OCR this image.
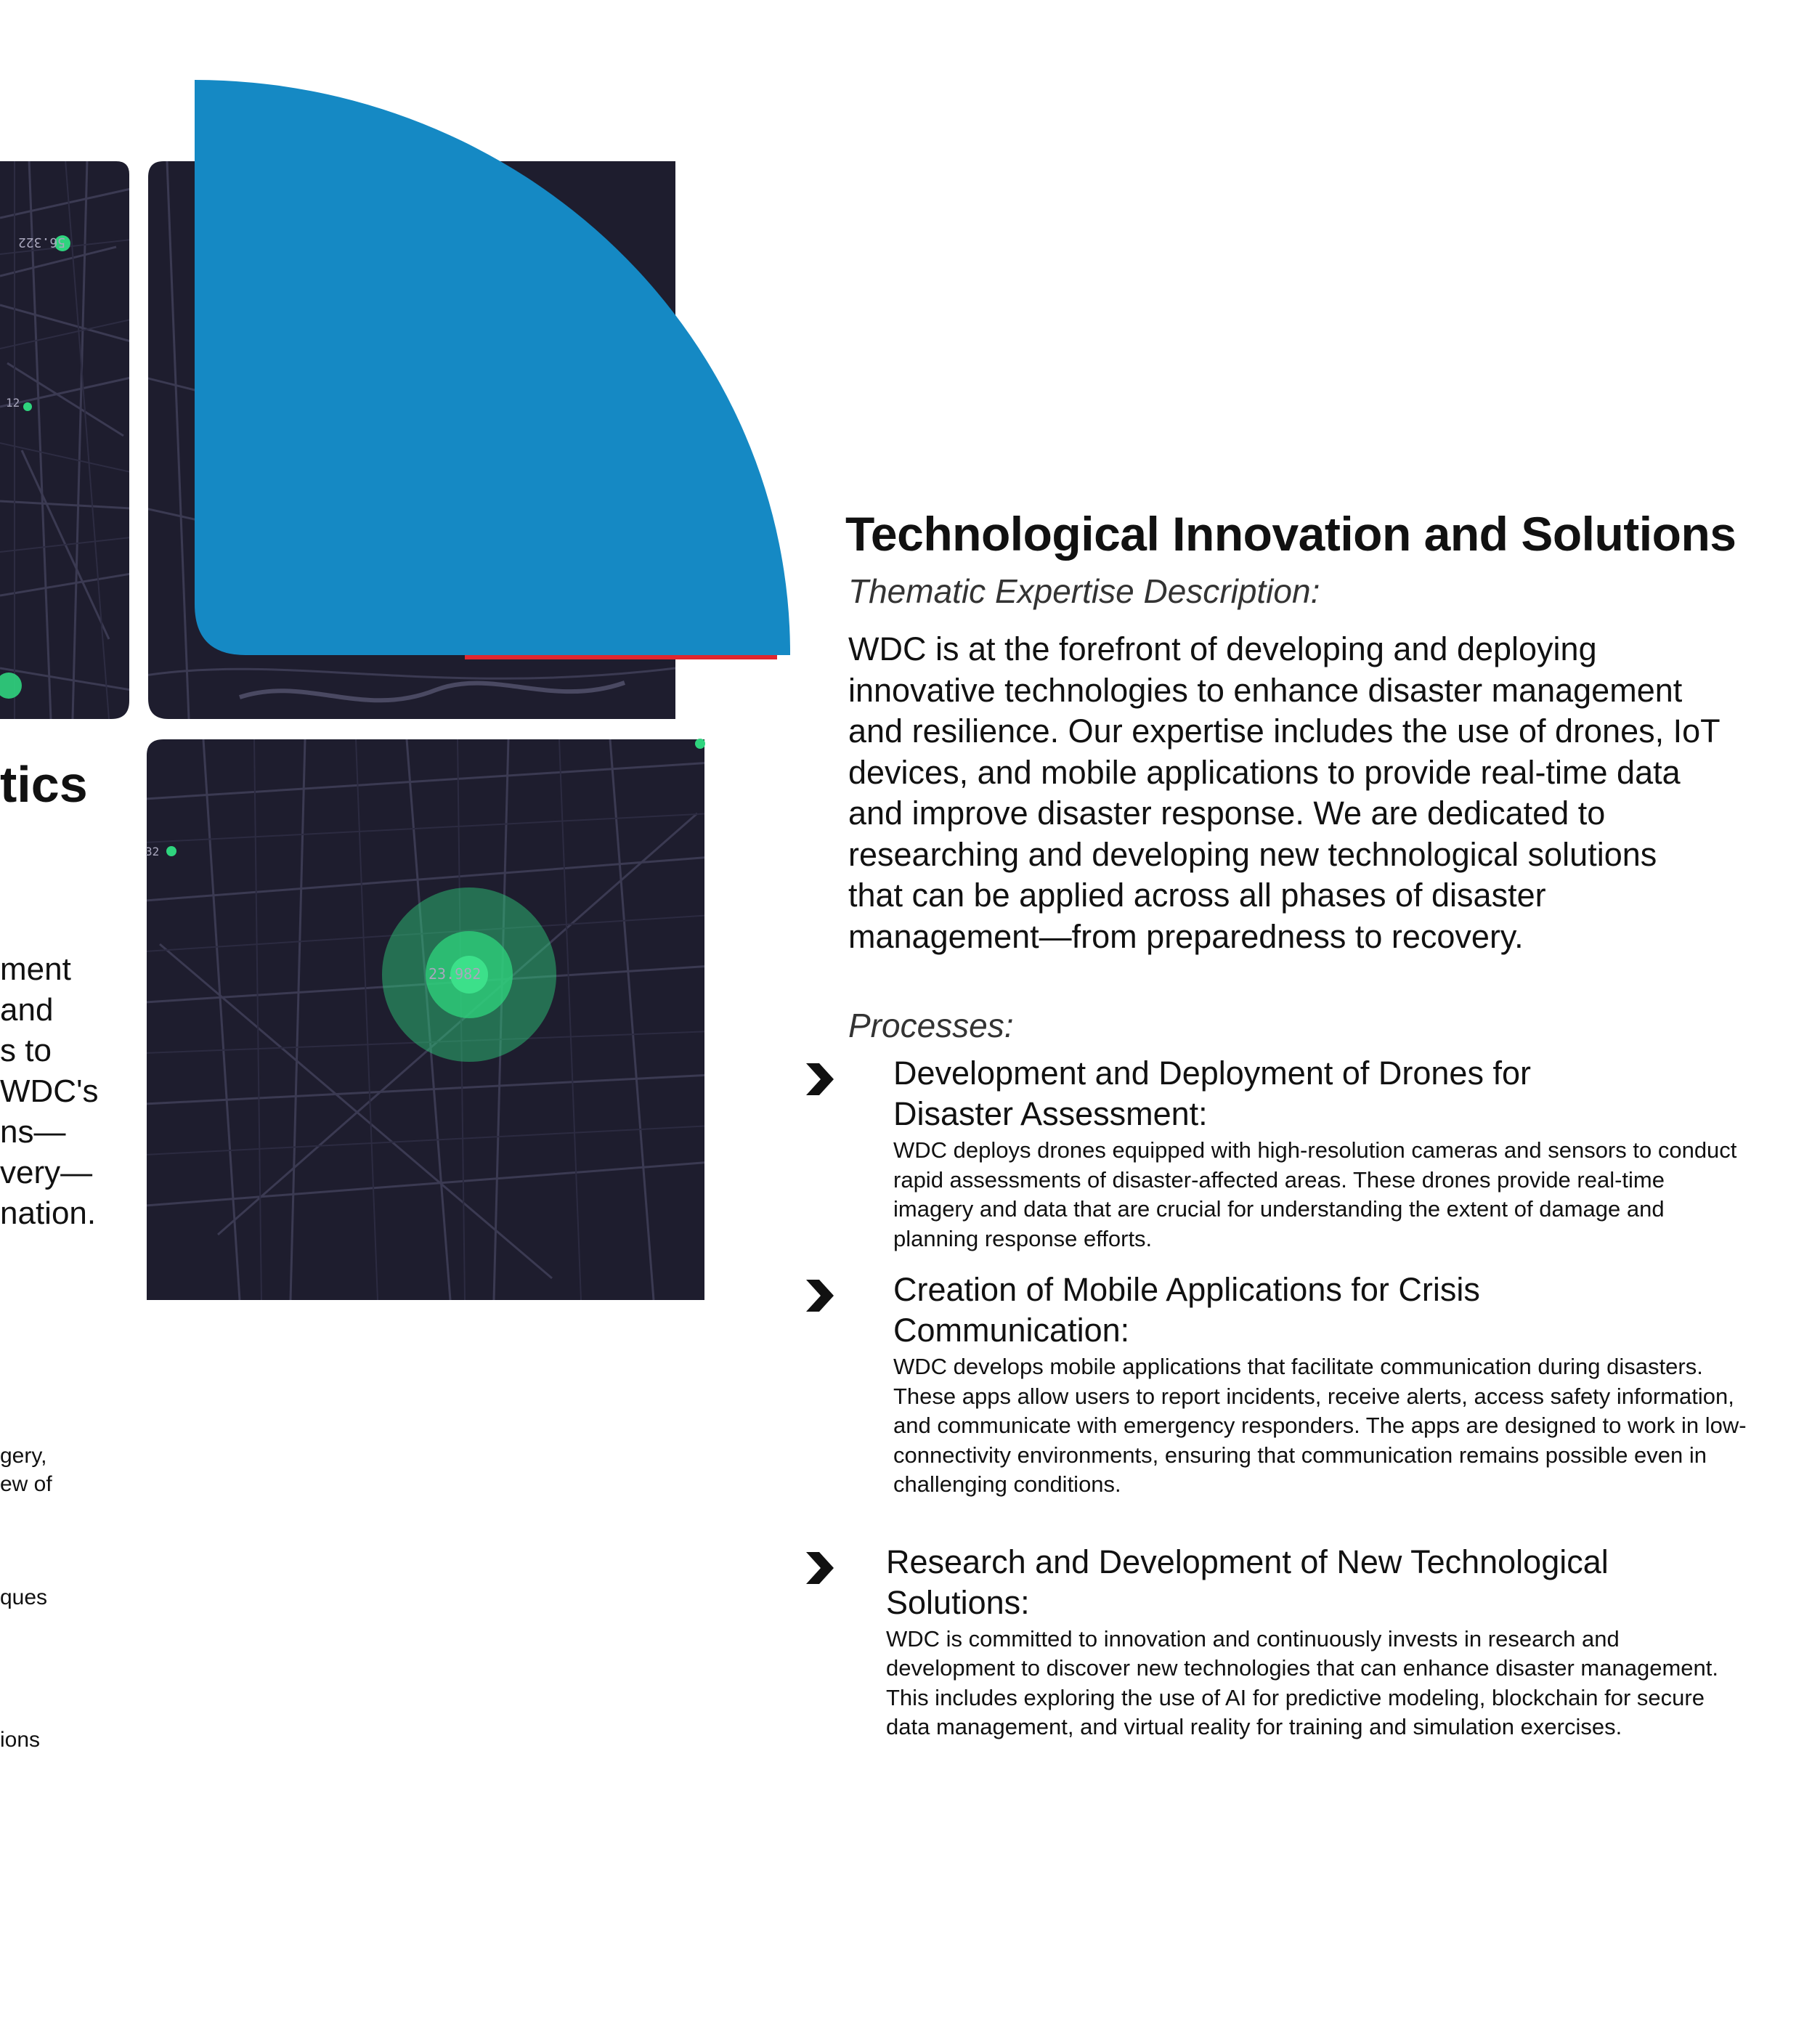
56.322
12
32
23.982
tics
ment
and
s to
WDC's
ns—
very—
nation.
gery,
ew of
ques
ions
Technological Innovation and Solutions
Thematic Expertise Description:

WDC is at the forefront of developing and deploying innovative technologies to enhance disaster management and resilience. Our expertise includes the use of drones, IoT devices, and mobile applications to provide real-time data and improve disaster response. We are dedicated to researching and developing new technological solutions that can be applied across all phases of disaster management—from preparedness to recovery.

Processes:
Development and Deployment of Drones for Disaster Assessment:
WDC deploys drones equipped with high-resolution cameras and sensors to conduct rapid assessments of disaster-affected areas. These drones provide real-time imagery and data that are crucial for understanding the extent of damage and planning response efforts.
Creation of Mobile Applications for Crisis Communication:
WDC develops mobile applications that facilitate communication during disasters. These apps allow users to report incidents, receive alerts, access safety information, and communicate with emergency responders. The apps are designed to work in low-connectivity environments, ensuring that communication remains possible even in challenging conditions.
Research and Development of New Technological Solutions:
WDC is committed to innovation and continuously invests in research and development to discover new technologies that can enhance disaster management. This includes exploring the use of AI for predictive modeling, blockchain for secure data management, and virtual reality for training and simulation exercises.
